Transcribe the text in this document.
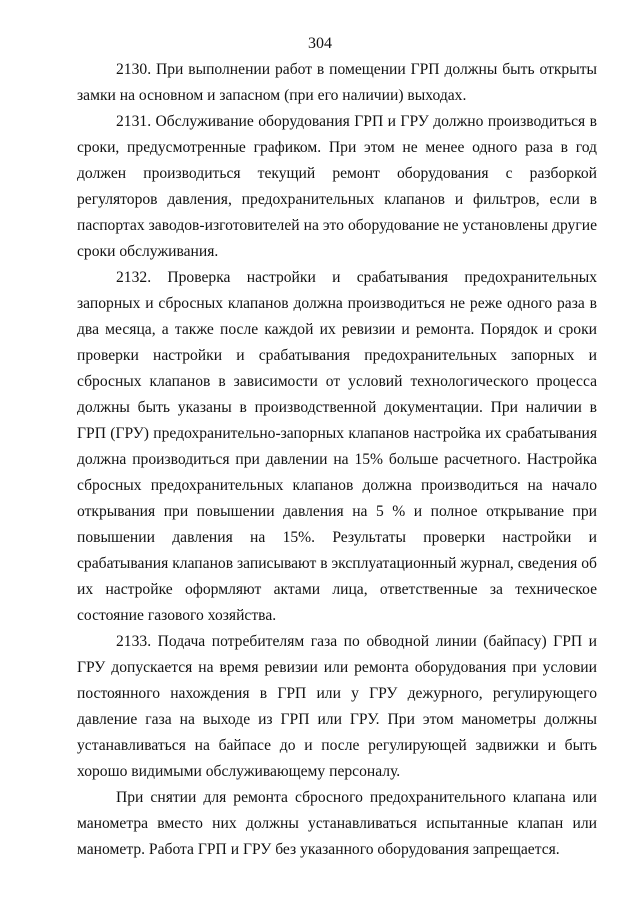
304

2130. При выполнении работ в помещении ГРП должны быть открыты замки на основном и запасном (при его наличии) выходах.

2131. Обслуживание оборудования ГРП и ГРУ должно производиться в сроки, предусмотренные графиком. При этом не менее одного раза в год должен производиться текущий ремонт оборудования с разборкой регуляторов давления, предохранительных клапанов и фильтров, если в паспортах заводов-изготовителей на это оборудование не установлены другие сроки обслуживания.

2132. Проверка настройки и срабатывания предохранительных запорных и сбросных клапанов должна производиться не реже одного раза в два месяца, а также после каждой их ревизии и ремонта. Порядок и сроки проверки настройки и срабатывания предохранительных запорных и сбросных клапанов в зависимости от условий технологического процесса должны быть указаны в производственной документации. При наличии в ГРП (ГРУ) предохранительно-запорных клапанов настройка их срабатывания должна производиться при давлении на 15% больше расчетного. Настройка сбросных предохранительных клапанов должна производиться на начало открывания при повышении давления на 5 % и полное открывание при повышении давления на 15%. Результаты проверки настройки и срабатывания клапанов записывают в эксплуатационный журнал, сведения об их настройке оформляют актами лица, ответственные за техническое состояние газового хозяйства.

2133. Подача потребителям газа по обводной линии (байпасу) ГРП и ГРУ допускается на время ревизии или ремонта оборудования при условии постоянного нахождения в ГРП или у ГРУ дежурного, регулирующего давление газа на выходе из ГРП или ГРУ. При этом манометры должны устанавливаться на байпасе до и после регулирующей задвижки и быть хорошо видимыми обслуживающему персоналу.

При снятии для ремонта сбросного предохранительного клапана или манометра вместо них должны устанавливаться испытанные клапан или манометр. Работа ГРП и ГРУ без указанного оборудования запрещается.
